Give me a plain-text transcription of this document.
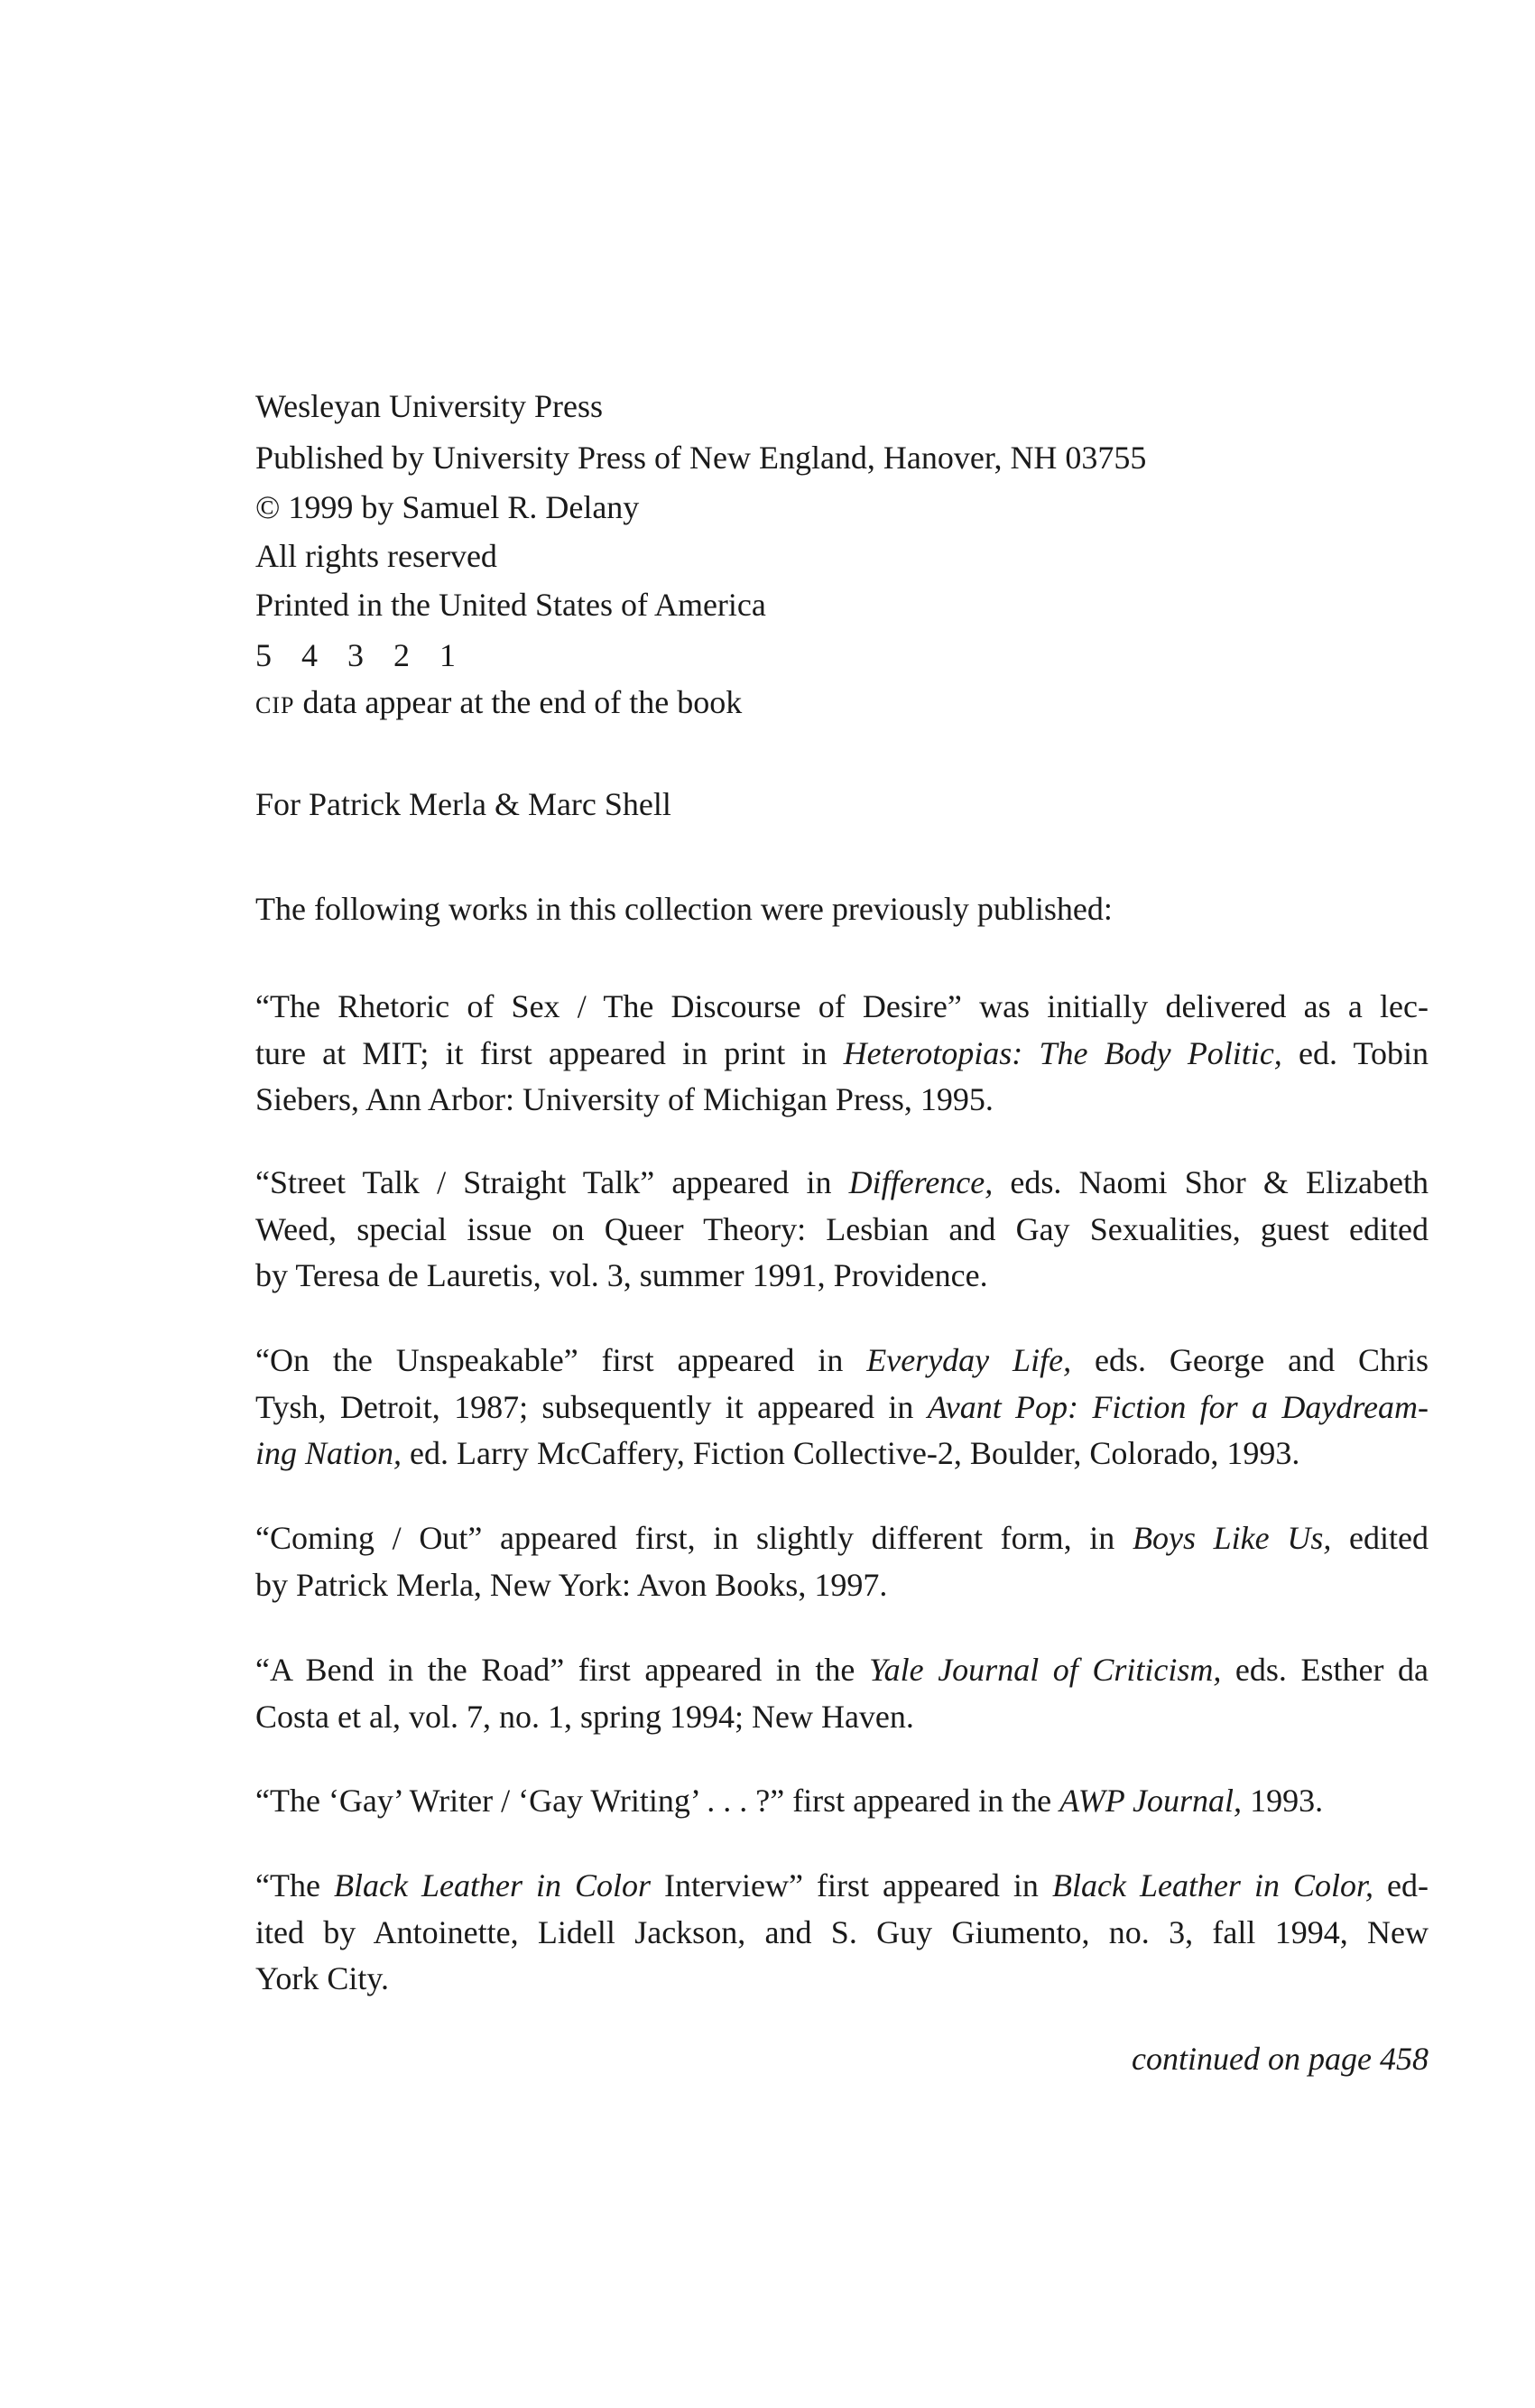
Wesleyan University Press
Published by University Press of New England, Hanover, NH 03755
© 1999 by Samuel R. Delany
All rights reserved
Printed in the United States of America
5 4 3 2 1
CIP data appear at the end of the book
For Patrick Merla & Marc Shell
The following works in this collection were previously published:
“The Rhetoric of Sex / The Discourse of Desire” was initially delivered as a lec-
ture at MIT; it first appeared in print in Heterotopias: The Body Politic, ed. Tobin
Siebers, Ann Arbor: University of Michigan Press, 1995.
“Street Talk / Straight Talk” appeared in Difference, eds. Naomi Shor & Elizabeth
Weed, special issue on Queer Theory: Lesbian and Gay Sexualities, guest edited
by Teresa de Lauretis, vol. 3, summer 1991, Providence.
“On the Unspeakable” first appeared in Everyday Life, eds. George and Chris
Tysh, Detroit, 1987; subsequently it appeared in Avant Pop: Fiction for a Daydream-
ing Nation, ed. Larry McCaffery, Fiction Collective-2, Boulder, Colorado, 1993.
“Coming / Out” appeared first, in slightly different form, in Boys Like Us, edited
by Patrick Merla, New York: Avon Books, 1997.
“A Bend in the Road” first appeared in the Yale Journal of Criticism, eds. Esther da
Costa et al, vol. 7, no. 1, spring 1994; New Haven.
“The ‘Gay’ Writer / ‘Gay Writing’ . . . ?” first appeared in the AWP Journal, 1993.
“The Black Leather in Color Interview” first appeared in Black Leather in Color, ed-
ited by Antoinette, Lidell Jackson, and S. Guy Giumento, no. 3, fall 1994, New
York City.
continued on page 458
